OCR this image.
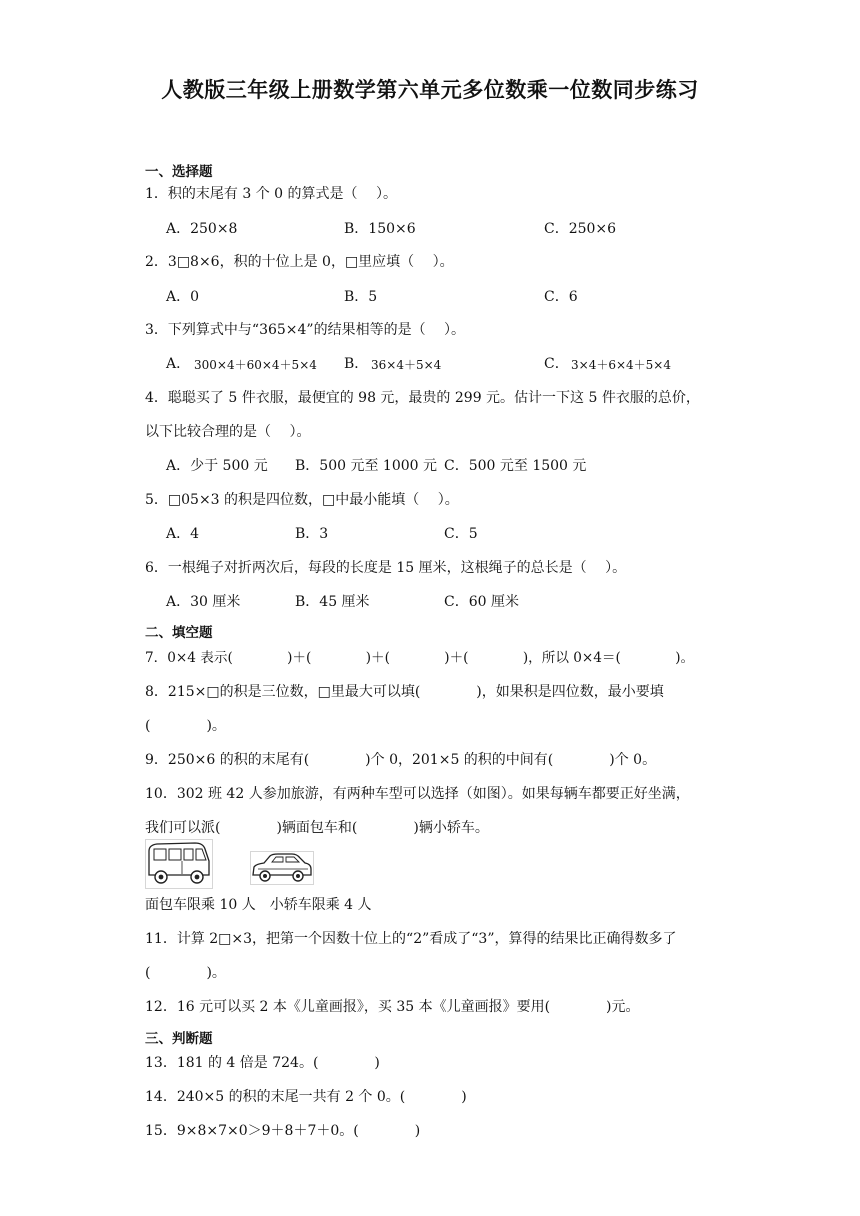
人教版三年级上册数学第六单元多位数乘一位数同步练习
一、选择题
1．积的末尾有 3 个 0 的算式是（　 ）。
A．250×8	B．150×6	C．250×6
2．3□8×6，积的十位上是 0，□里应填（　 ）。
A．0	B．5	C．6
3．下列算式中与“365×4”的结果相等的是（　 ）。
A． 300×4＋60×4＋5×4 B． 36×4＋5×4	C． 3×4＋6×4＋5×4
4．聪聪买了 5 件衣服，最便宜的 98 元，最贵的 299 元。估计一下这 5 件衣服的总价，
以下比较合理的是（　 ）。
A．少于 500 元 B．500 元至 1000 元 C．500 元至 1500 元
5．□05×3 的积是四位数，□中最小能填（　 ）。
A．4	B．3	C．5
6．一根绳子对折两次后，每段的长度是 15 厘米，这根绳子的总长是（　 ）。
A．30 厘米	B．45 厘米	C．60 厘米
二、填空题
7．0×4 表示(　　　　)＋(　　　　)＋(　　　　)＋(　　　　)，所以 0×4＝(　　　　)。
8．215×□的积是三位数，□里最大可以填(　　　　)，如果积是四位数，最小要填
(　　　　)。
9．250×6 的积的末尾有(　　　　)个 0，201×5 的积的中间有(　　　　)个 0。
10．302 班 42 人参加旅游，有两种车型可以选择（如图）。如果每辆车都要正好坐满，
我们可以派(　　　　)辆面包车和(　　　　)辆小轿车。
面包车限乘 10 人　小轿车限乘 4 人
11．计算 2□×3，把第一个因数十位上的“2”看成了“3”，算得的结果比正确得数多了
(　　　　)。
12．16 元可以买 2 本《儿童画报》，买 35 本《儿童画报》要用(　　　　)元。
三、判断题
13．181 的 4 倍是 724。(　　　　)
14．240×5 的积的末尾一共有 2 个 0。(　　　　)
15．9×8×7×0＞9＋8＋7＋0。(　　　　)
